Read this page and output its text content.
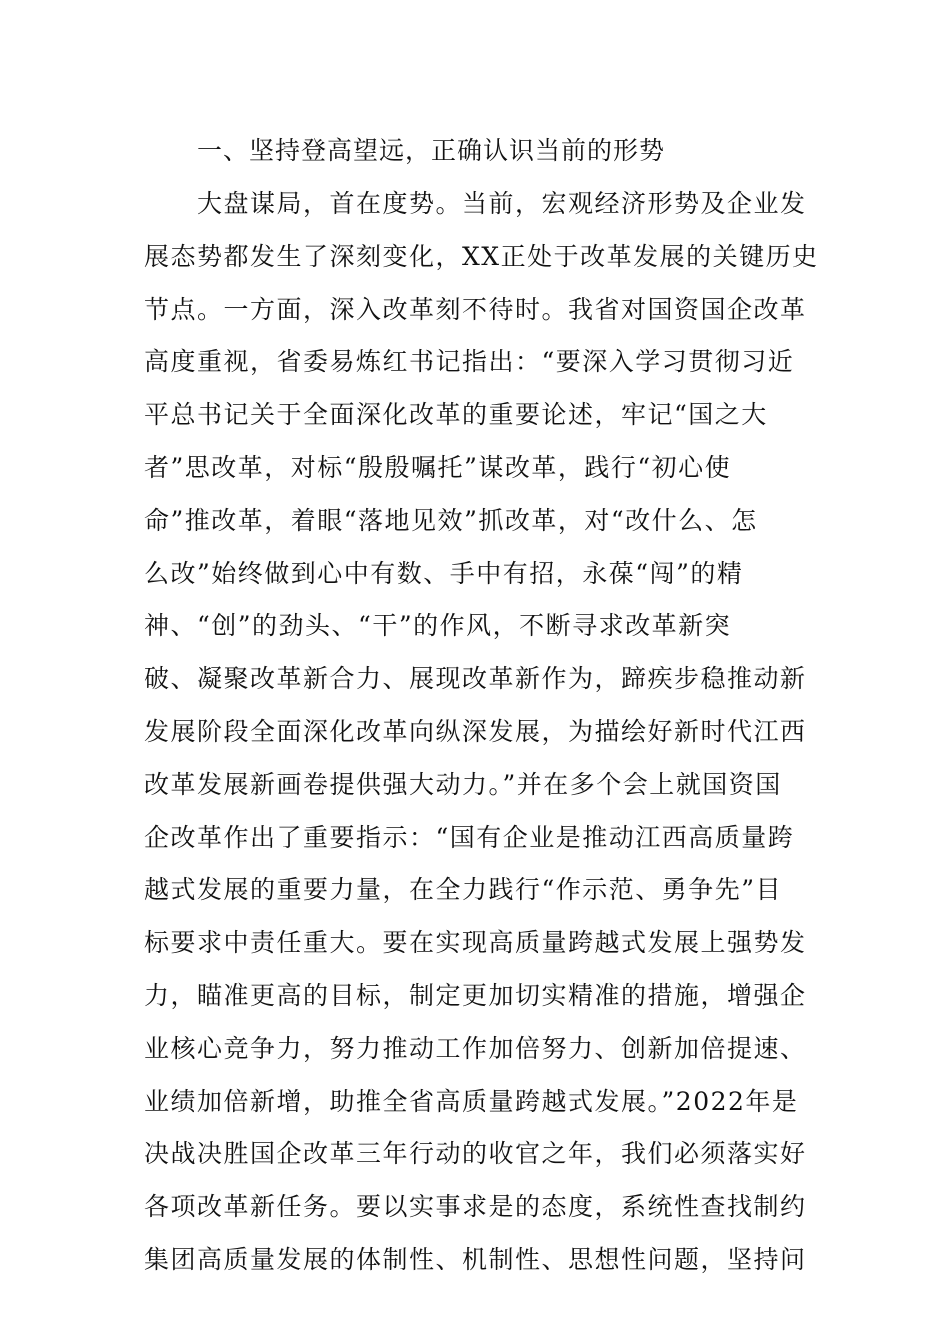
一、坚持登高望远，正确认识当前的形势
大盘谋局，首在度势。当前，宏观经济形势及企业发
展态势都发生了深刻变化，XX正处于改革发展的关键历史
节点。一方面，深入改革刻不待时。我省对国资国企改革
高度重视，省委易炼红书记指出：“要深入学习贯彻习近
平总书记关于全面深化改革的重要论述，牢记“国之大
者”思改革，对标“殷殷嘱托”谋改革，践行“初心使
命”推改革，着眼“落地见效”抓改革，对“改什么、怎
么改”始终做到心中有数、手中有招，永葆“闯”的精
神、“创”的劲头、“干”的作风，不断寻求改革新突
破、凝聚改革新合力、展现改革新作为，蹄疾步稳推动新
发展阶段全面深化改革向纵深发展，为描绘好新时代江西
改革发展新画卷提供强大动力。”并在多个会上就国资国
企改革作出了重要指示：“国有企业是推动江西高质量跨
越式发展的重要力量，在全力践行“作示范、勇争先”目
标要求中责任重大。要在实现高质量跨越式发展上强势发
力，瞄准更高的目标，制定更加切实精准的措施，增强企
业核心竞争力，努力推动工作加倍努力、创新加倍提速、
业绩加倍新增，助推全省高质量跨越式发展。”2022年是
决战决胜国企改革三年行动的收官之年，我们必须落实好
各项改革新任务。要以实事求是的态度，系统性查找制约
集团高质量发展的体制性、机制性、思想性问题，坚持问
